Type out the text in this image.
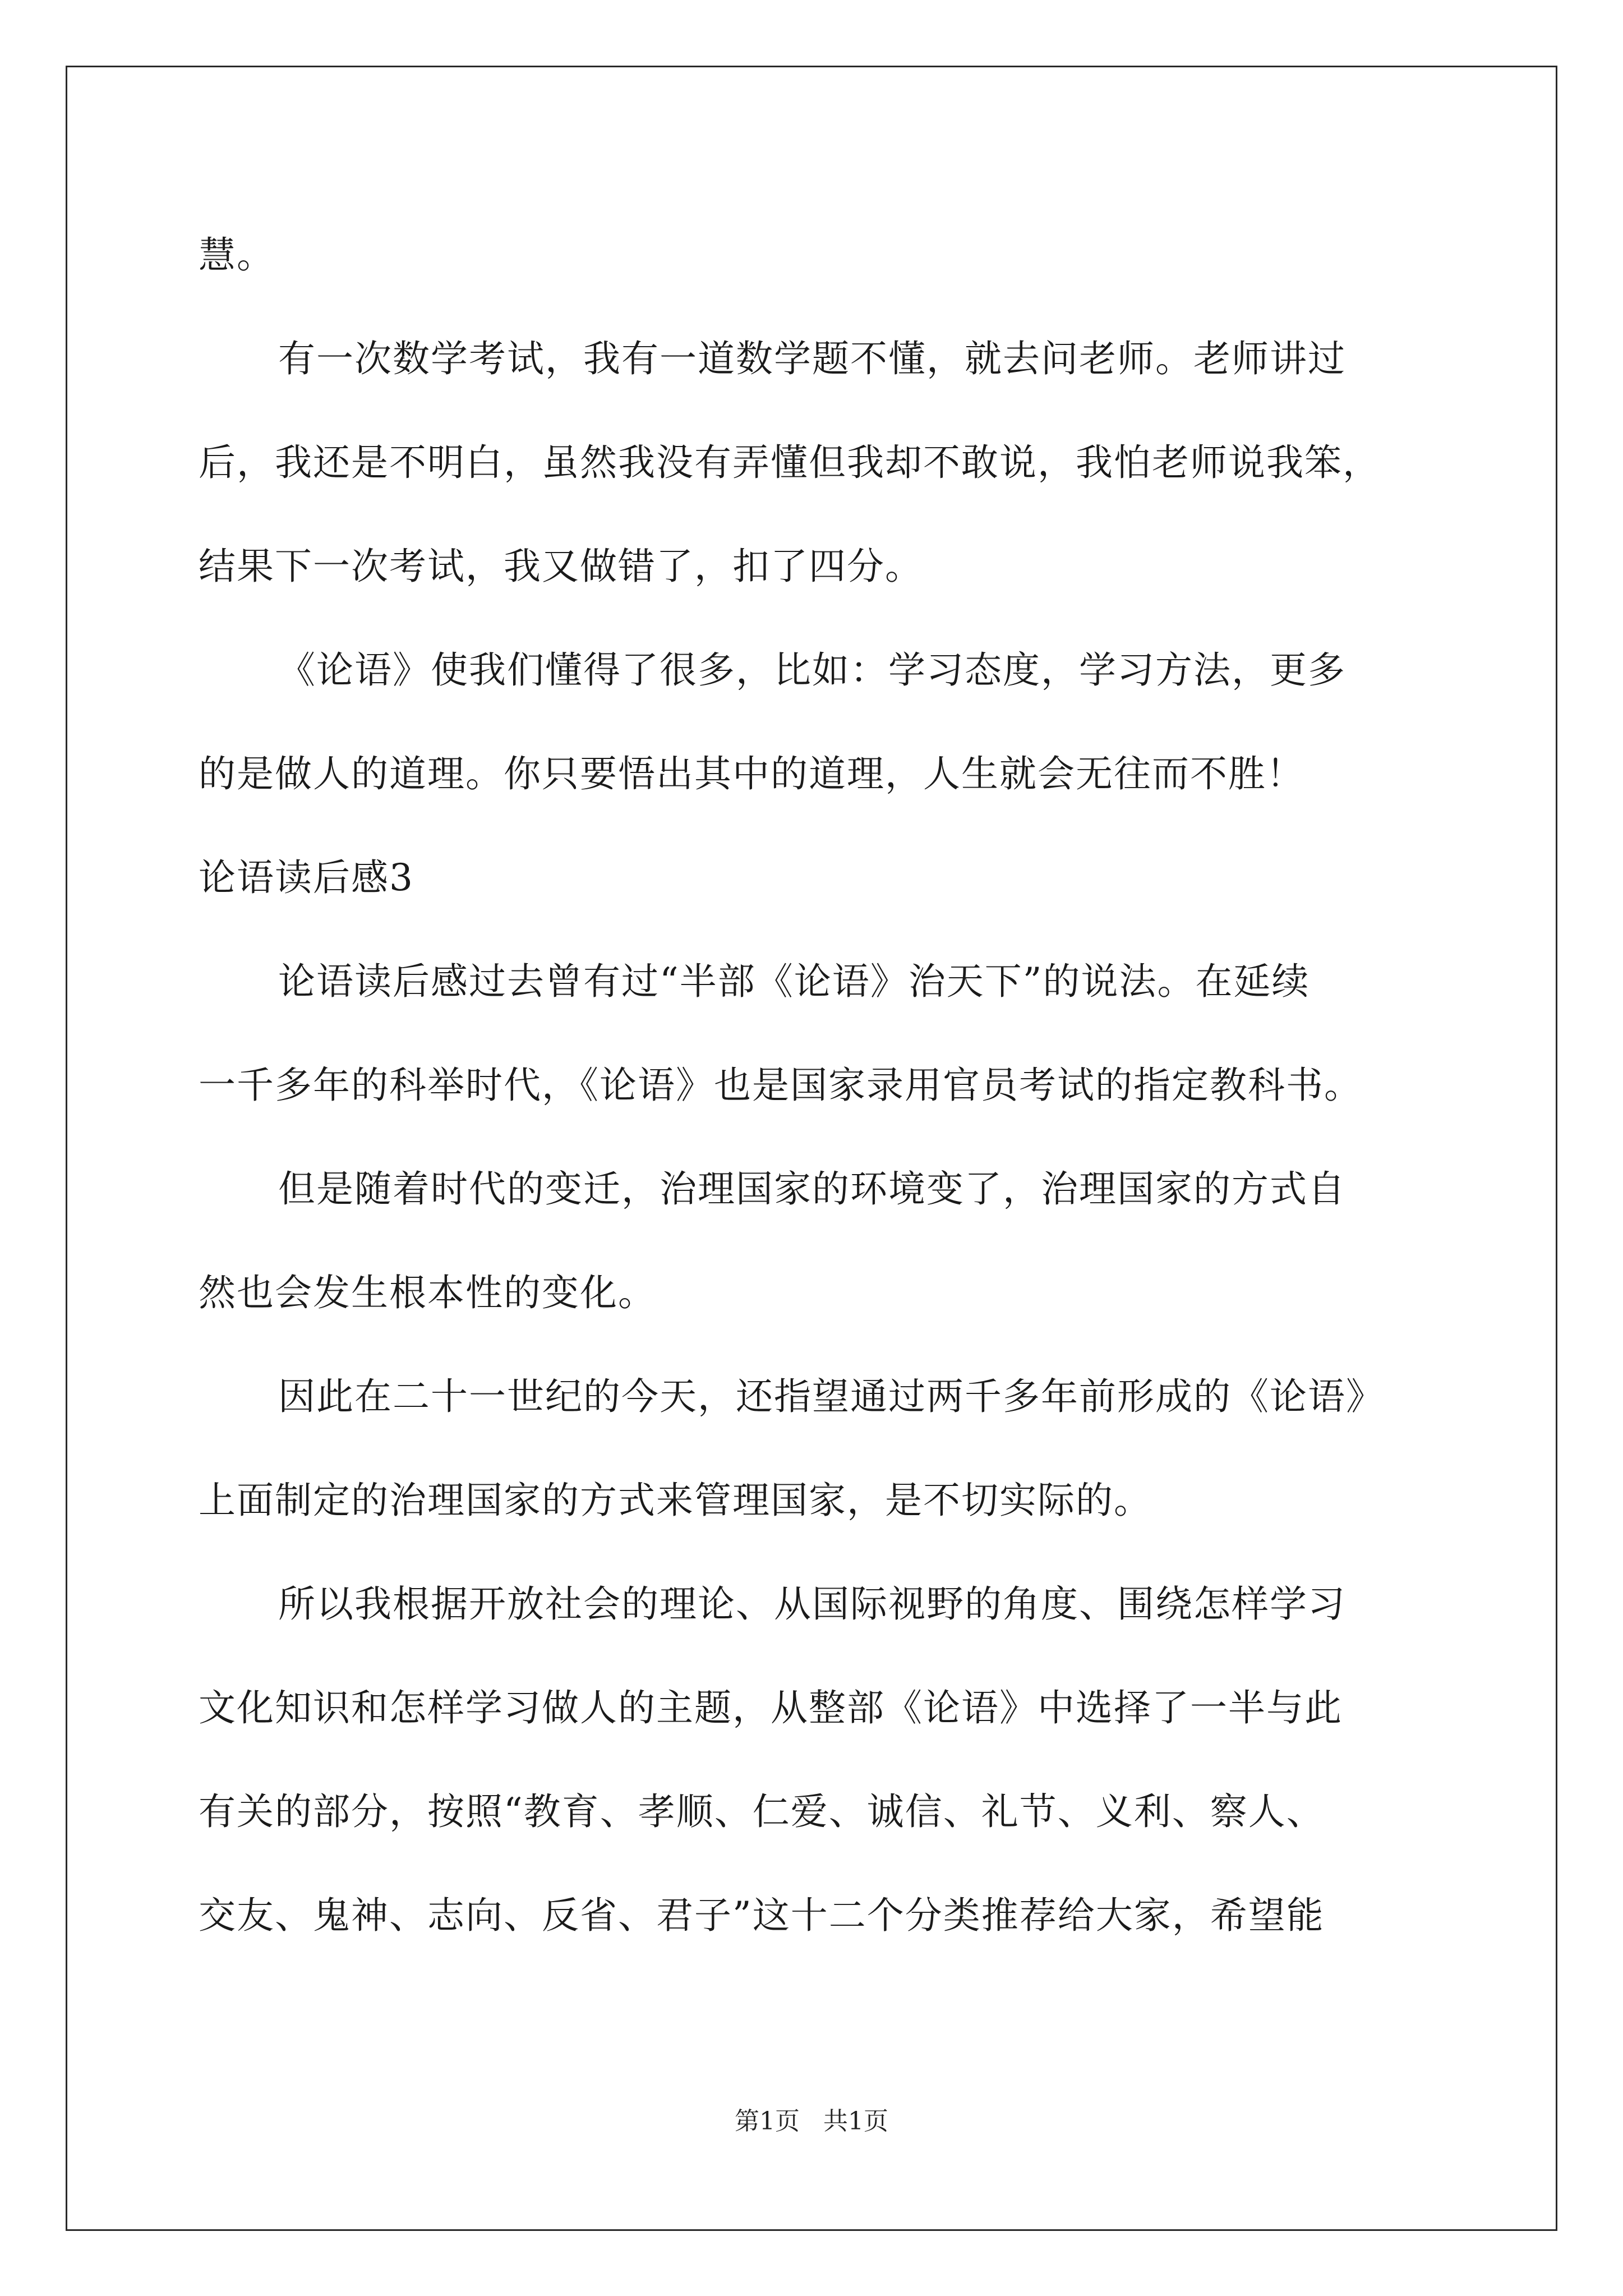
慧。
有一次数学考试，我有一道数学题不懂，就去问老师。老师讲过
后，我还是不明白，虽然我没有弄懂但我却不敢说，我怕老师说我笨，
结果下一次考试，我又做错了，扣了四分。
《论语》使我们懂得了很多，比如：学习态度，学习方法，更多
的是做人的道理。你只要悟出其中的道理，人生就会无往而不胜！
论语读后感3
论语读后感过去曾有过“半部《论语》治天下”的说法。在延续
一千多年的科举时代，《论语》也是国家录用官员考试的指定教科书。
但是随着时代的变迁，治理国家的环境变了，治理国家的方式自
然也会发生根本性的变化。
因此在二十一世纪的今天，还指望通过两千多年前形成的《论语》
上面制定的治理国家的方式来管理国家，是不切实际的。
所以我根据开放社会的理论、从国际视野的角度、围绕怎样学习
文化知识和怎样学习做人的主题，从整部《论语》中选择了一半与此
有关的部分，按照“教育、孝顺、仁爱、诚信、礼节、义利、察人、
交友、鬼神、志向、反省、君子”这十二个分类推荐给大家，希望能
第1页 共1页
